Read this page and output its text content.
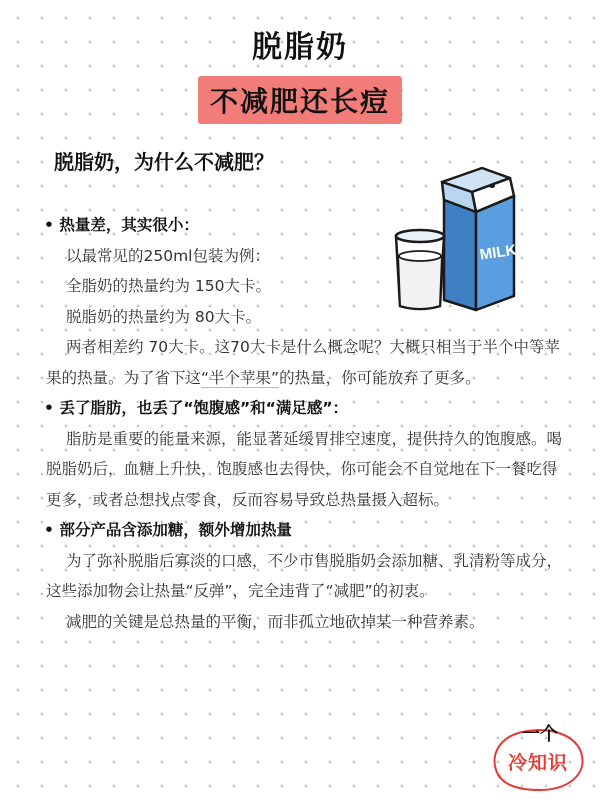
脱脂奶
不减肥还长痘
脱脂奶，为什么不减肥？
MILK
• 热量差，其实很小：
以最常见的250ml包装为例：
全脂奶的热量约为 150大卡。
脱脂奶的热量约为 80大卡。
两者相差约 70大卡。这70大卡是什么概念呢？大概只相当于半个中等苹果的热量。为了省下这“半个苹果”的热量，你可能放弃了更多。
• 丢了脂肪，也丢了“饱腹感”和“满足感”：
脂肪是重要的能量来源，能显著延缓胃排空速度，提供持久的饱腹感。喝脱脂奶后，血糖上升快，饱腹感也去得快，你可能会不自觉地在下一餐吃得更多，或者总想找点零食，反而容易导致总热量摄入超标。
• 部分产品含添加糖，额外增加热量
为了弥补脱脂后寡淡的口感，不少市售脱脂奶会添加糖、乳清粉等成分，这些添加物会让热量“反弹”，完全违背了“减肥”的初衷。
减肥的关键是总热量的平衡，而非孤立地砍掉某一种营养素。
一个
冷知识
